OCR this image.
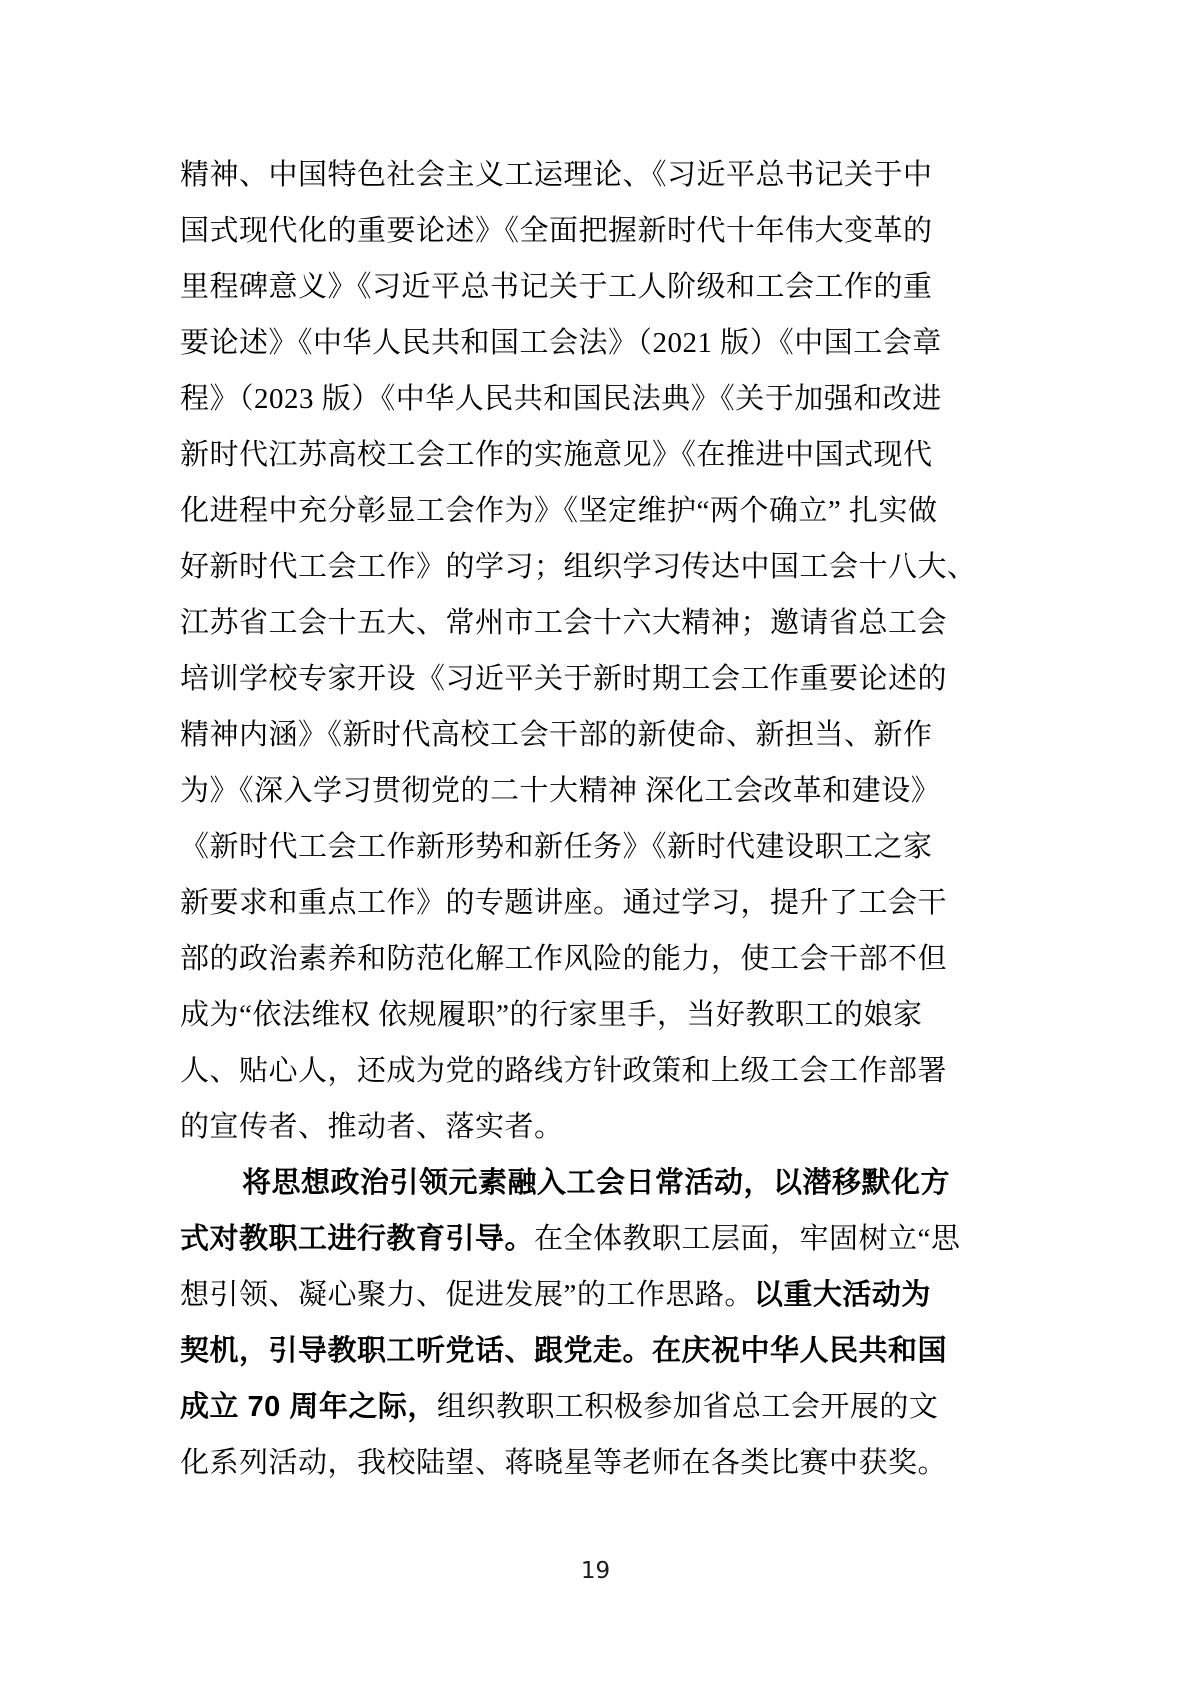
精神、中国特色社会主义工运理论、《习近平总书记关于中
国式现代化的重要论述》《全面把握新时代十年伟大变革的
里程碑意义》《习近平总书记关于工人阶级和工会工作的重
要论述》《中华人民共和国工会法》（2021 版）《中国工会章
程》（2023 版）《中华人民共和国民法典》《关于加强和改进
新时代江苏高校工会工作的实施意见》《在推进中国式现代
化进程中充分彰显工会作为》《坚定维护“两个确立” 扎实做
好新时代工会工作》的学习；组织学习传达中国工会十八大、
江苏省工会十五大、常州市工会十六大精神；邀请省总工会
培训学校专家开设《习近平关于新时期工会工作重要论述的
精神内涵》《新时代高校工会干部的新使命、新担当、新作
为》《深入学习贯彻党的二十大精神 深化工会改革和建设》
《新时代工会工作新形势和新任务》《新时代建设职工之家
新要求和重点工作》的专题讲座。通过学习，提升了工会干
部的政治素养和防范化解工作风险的能力，使工会干部不但
成为“依法维权 依规履职”的行家里手，当好教职工的娘家
人、贴心人，还成为党的路线方针政策和上级工会工作部署
的宣传者、推动者、落实者。
将思想政治引领元素融入工会日常活动，以潜移默化方
式对教职工进行教育引导。在全体教职工层面，牢固树立“思
想引领、凝心聚力、促进发展”的工作思路。以重大活动为
契机，引导教职工听党话、跟党走。在庆祝中华人民共和国
成立 70 周年之际，组织教职工积极参加省总工会开展的文
化系列活动，我校陆望、蒋晓星等老师在各类比赛中获奖。
19
